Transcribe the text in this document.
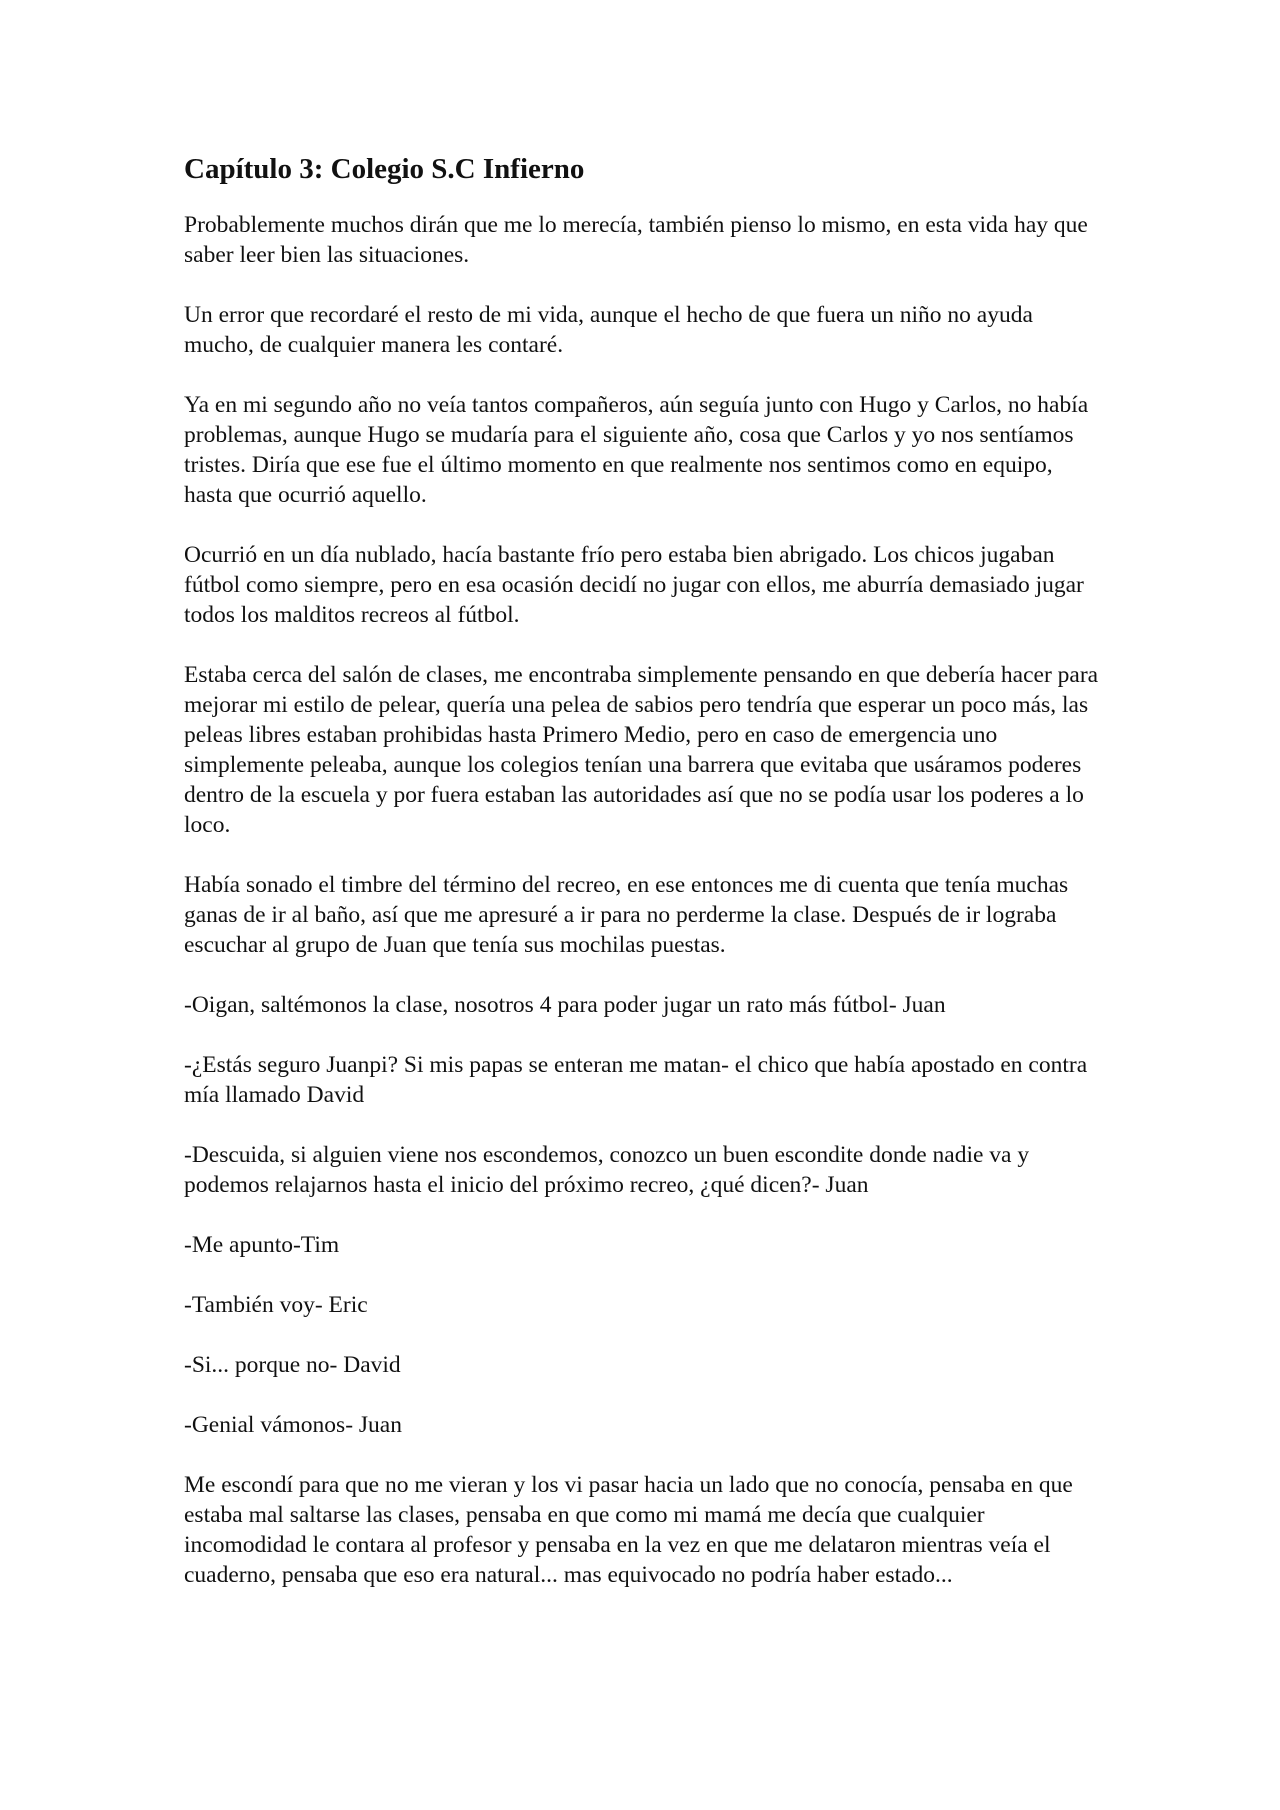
Capítulo 3: Colegio S.C Infierno

Probablemente muchos dirán que me lo merecía, también pienso lo mismo, en esta vida hay que saber leer bien las situaciones.

Un error que recordaré el resto de mi vida, aunque el hecho de que fuera un niño no ayuda mucho, de cualquier manera les contaré.

Ya en mi segundo año no veía tantos compañeros, aún seguía junto con Hugo y Carlos, no había problemas, aunque Hugo se mudaría para el siguiente año, cosa que Carlos y yo nos sentíamos tristes. Diría que ese fue el último momento en que realmente nos sentimos como en equipo, hasta que ocurrió aquello.

Ocurrió en un día nublado, hacía bastante frío pero estaba bien abrigado. Los chicos jugaban fútbol como siempre, pero en esa ocasión decidí no jugar con ellos, me aburría demasiado jugar todos los malditos recreos al fútbol.

Estaba cerca del salón de clases, me encontraba simplemente pensando en que debería hacer para mejorar mi estilo de pelear, quería una pelea de sabios pero tendría que esperar un poco más, las peleas libres estaban prohibidas hasta Primero Medio, pero en caso de emergencia uno simplemente peleaba, aunque los colegios tenían una barrera que evitaba que usáramos poderes dentro de la escuela y por fuera estaban las autoridades así que no se podía usar los poderes a lo loco.

Había sonado el timbre del término del recreo, en ese entonces me di cuenta que tenía muchas ganas de ir al baño, así que me apresuré a ir para no perderme la clase. Después de ir lograba escuchar al grupo de Juan que tenía sus mochilas puestas.

-Oigan, saltémonos la clase, nosotros 4 para poder jugar un rato más fútbol- Juan

-¿Estás seguro Juanpi? Si mis papas se enteran me matan- el chico que había apostado en contra mía llamado David

-Descuida, si alguien viene nos escondemos, conozco un buen escondite donde nadie va y podemos relajarnos hasta el inicio del próximo recreo, ¿qué dicen?- Juan

-Me apunto-Tim

-También voy- Eric

-Si... porque no- David

-Genial vámonos- Juan

Me escondí para que no me vieran y los vi pasar hacia un lado que no conocía, pensaba en que estaba mal saltarse las clases, pensaba en que como mi mamá me decía que cualquier incomodidad le contara al profesor y pensaba en la vez en que me delataron mientras veía el cuaderno, pensaba que eso era natural... mas equivocado no podría haber estado...
